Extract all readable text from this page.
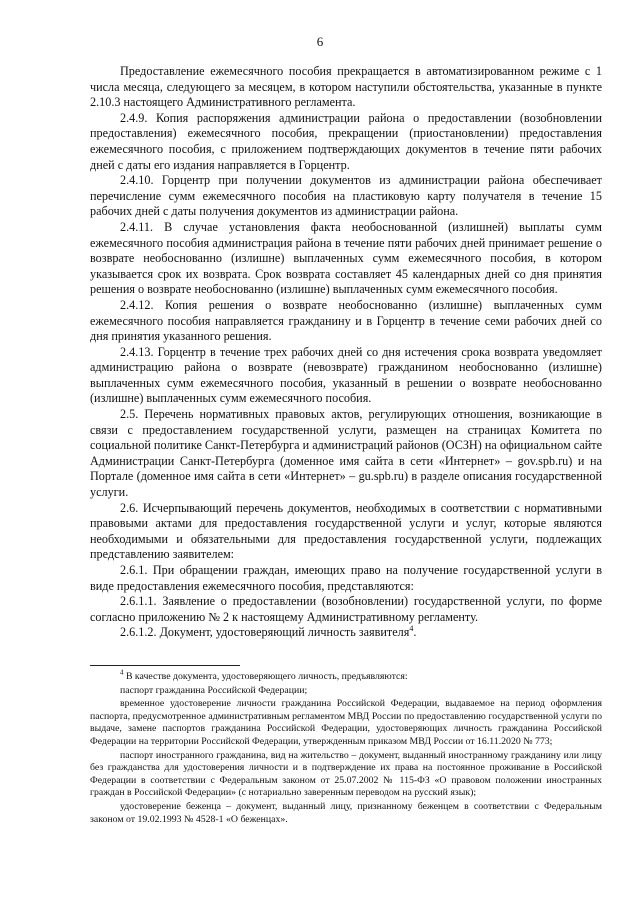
6

Предоставление ежемесячного пособия прекращается в автоматизированном режиме с 1 числа месяца, следующего за месяцем, в котором наступили обстоятельства, указанные в пункте 2.10.3 настоящего Административного регламента.

2.4.9. Копия распоряжения администрации района о предоставлении (возобновлении предоставления) ежемесячного пособия, прекращении (приостановлении) предоставления ежемесячного пособия, с приложением подтверждающих документов в течение пяти рабочих дней с даты его издания направляется в Горцентр.

2.4.10. Горцентр при получении документов из администрации района обеспечивает перечисление сумм ежемесячного пособия на пластиковую карту получателя в течение 15 рабочих дней с даты получения документов из администрации района.

2.4.11. В случае установления факта необоснованной (излишней) выплаты сумм ежемесячного пособия администрация района в течение пяти рабочих дней принимает решение о возврате необоснованно (излишне) выплаченных сумм ежемесячного пособия, в котором указывается срок их возврата. Срок возврата составляет 45 календарных дней со дня принятия решения о возврате необоснованно (излишне) выплаченных сумм ежемесячного пособия.

2.4.12. Копия решения о возврате необоснованно (излишне) выплаченных сумм ежемесячного пособия направляется гражданину и в Горцентр в течение семи рабочих дней со дня принятия указанного решения.

2.4.13. Горцентр в течение трех рабочих дней со дня истечения срока возврата уведомляет администрацию района о возврате (невозврате) гражданином необоснованно (излишне) выплаченных сумм ежемесячного пособия, указанный в решении о возврате необоснованно (излишне) выплаченных сумм ежемесячного пособия.

2.5. Перечень нормативных правовых актов, регулирующих отношения, возникающие в связи с предоставлением государственной услуги, размещен на страницах Комитета по социальной политике Санкт-Петербурга и администраций районов (ОСЗН) на официальном сайте Администрации Санкт-Петербурга (доменное имя сайта в сети «Интернет» – gov.spb.ru) и на Портале (доменное имя сайта в сети «Интернет» – gu.spb.ru) в разделе описания государственной услуги.

2.6. Исчерпывающий перечень документов, необходимых в соответствии с нормативными правовыми актами для предоставления государственной услуги и услуг, которые являются необходимыми и обязательными для предоставления государственной услуги, подлежащих представлению заявителем:

2.6.1. При обращении граждан, имеющих право на получение государственной услуги в виде предоставления ежемесячного пособия, представляются:

2.6.1.1. Заявление о предоставлении (возобновлении) государственной услуги, по форме согласно приложению № 2 к настоящему Административному регламенту.

2.6.1.2. Документ, удостоверяющий личность заявителя$^4$.

$^4$ В качестве документа, удостоверяющего личность, предъявляются:

паспорт гражданина Российской Федерации;

временное удостоверение личности гражданина Российской Федерации, выдаваемое на период оформления паспорта, предусмотренное административным регламентом МВД России по предоставлению государственной услуги по выдаче, замене паспортов гражданина Российской Федерации, удостоверяющих личность гражданина Российской Федерации на территории Российской Федерации, утвержденным приказом МВД России от 16.11.2020 № 773;

паспорт иностранного гражданина, вид на жительство – документ, выданный иностранному гражданину или лицу без гражданства для удостоверения личности и в подтверждение их права на постоянное проживание в Российской Федерации в соответствии с Федеральным законом от 25.07.2002 № 115-ФЗ «О правовом положении иностранных граждан в Российской Федерации» (с нотариально заверенным переводом на русский язык);

удостоверение беженца – документ, выданный лицу, признанному беженцем в соответствии с Федеральным законом от 19.02.1993 № 4528-1 «О беженцах».
